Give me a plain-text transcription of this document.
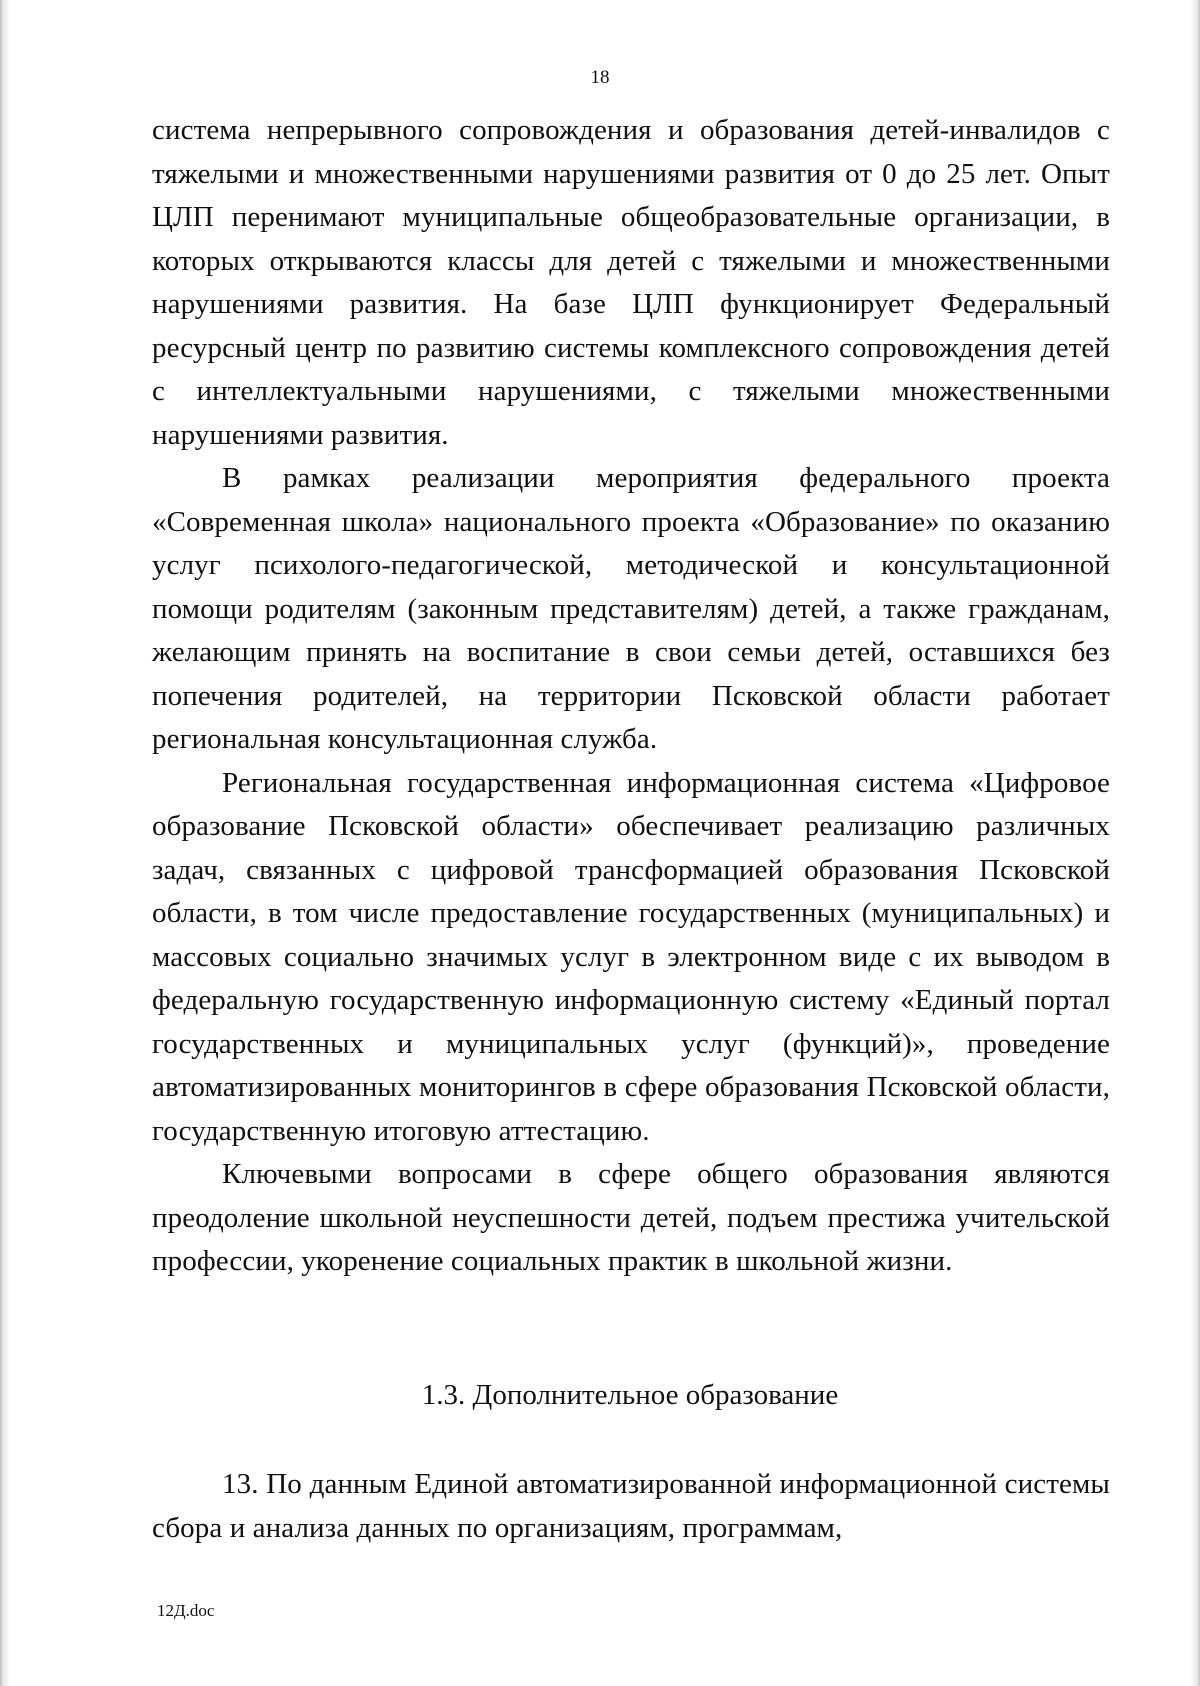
18

система непрерывного сопровождения и образования детей-инвалидов с тяжелыми и множественными нарушениями развития от 0 до 25 лет. Опыт ЦЛП перенимают муниципальные общеобразовательные организации, в которых открываются классы для детей с тяжелыми и множественными нарушениями развития. На базе ЦЛП функционирует Федеральный ресурсный центр по развитию системы комплексного сопровождения детей с интеллектуальными нарушениями, с тяжелыми множественными нарушениями развития.

В рамках реализации мероприятия федерального проекта «Современная школа» национального проекта «Образование» по оказанию услуг психолого-педагогической, методической и консультационной помощи родителям (законным представителям) детей, а также гражданам, желающим принять на воспитание в свои семьи детей, оставшихся без попечения родителей, на территории Псковской области работает региональная консультационная служба.

Региональная государственная информационная система «Цифровое образование Псковской области» обеспечивает реализацию различных задач, связанных с цифровой трансформацией образования Псковской области, в том числе предоставление государственных (муниципальных) и массовых социально значимых услуг в электронном виде с их выводом в федеральную государственную информационную систему «Единый портал государственных и муниципальных услуг (функций)», проведение автоматизированных мониторингов в сфере образования Псковской области, государственную итоговую аттестацию.

Ключевыми вопросами в сфере общего образования являются преодоление школьной неуспешности детей, подъем престижа учительской профессии, укоренение социальных практик в школьной жизни.

1.3. Дополнительное образование

13. По данным Единой автоматизированной информационной системы сбора и анализа данных по организациям, программам,

12Д.doc
